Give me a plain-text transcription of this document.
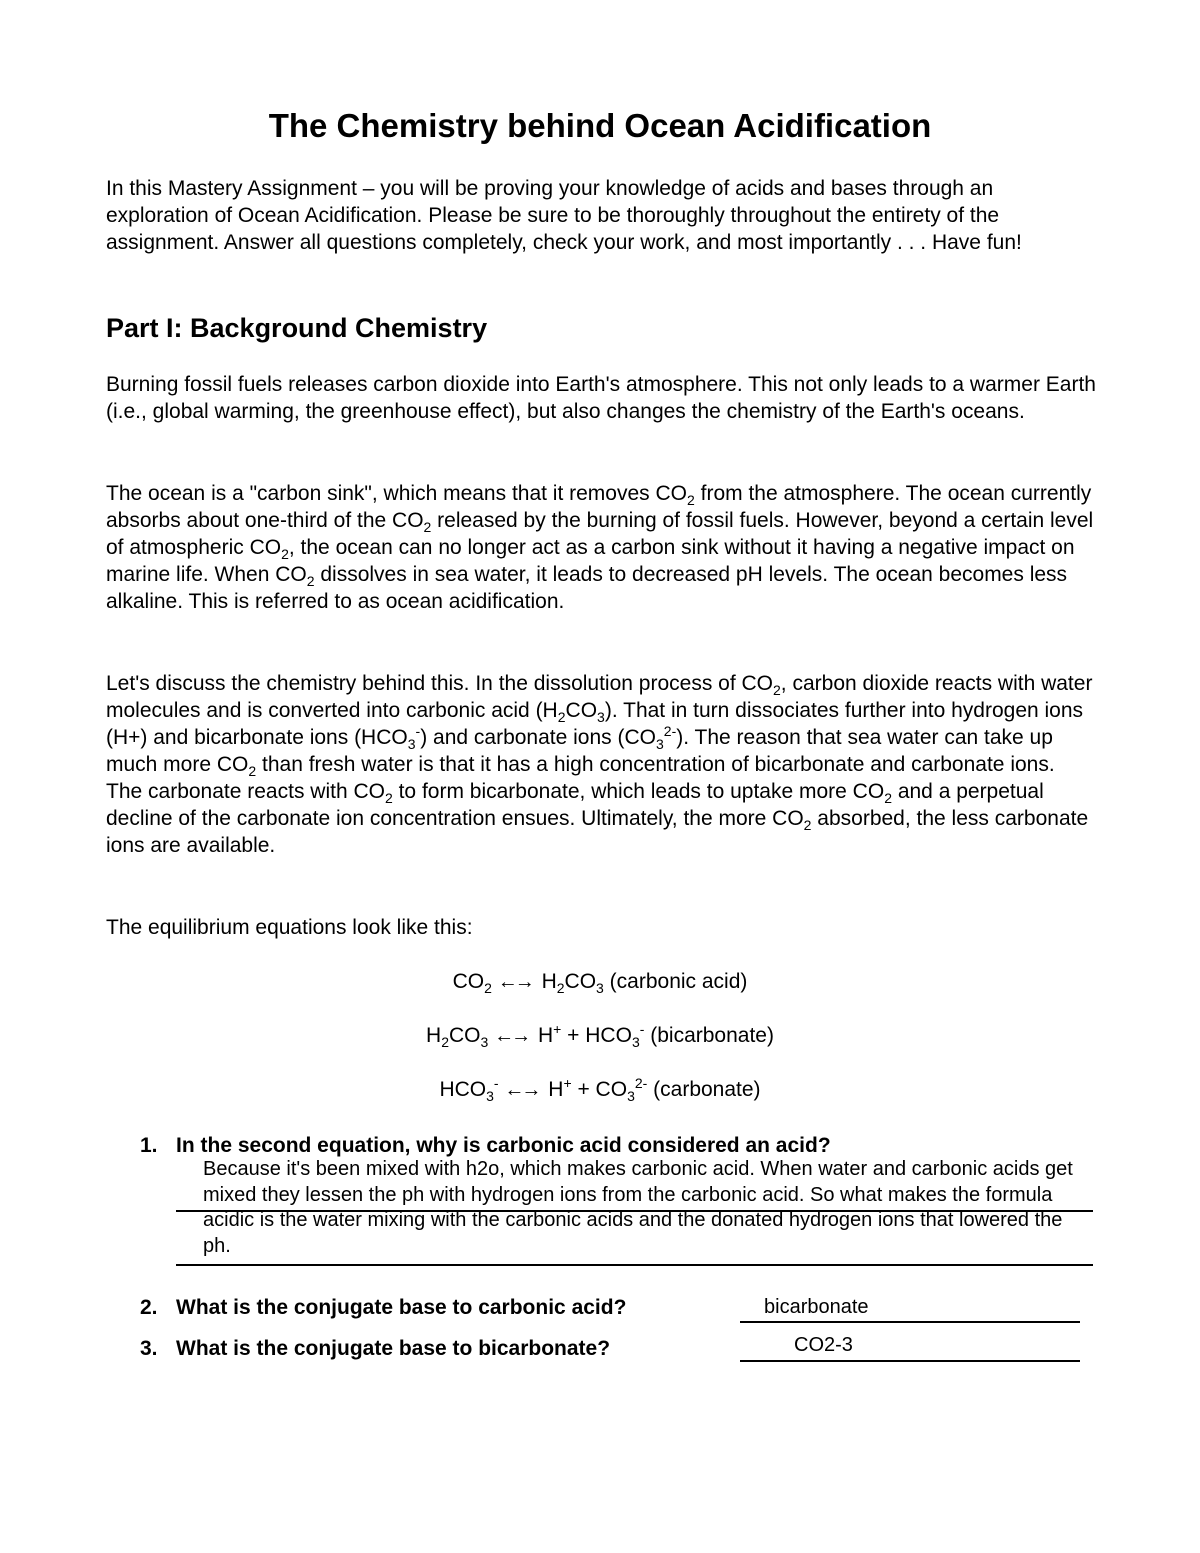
The Chemistry behind Ocean Acidification

In this Mastery Assignment – you will be proving your knowledge of acids and bases through an exploration of Ocean Acidification. Please be sure to be thoroughly throughout the entirety of the assignment. Answer all questions completely, check your work, and most importantly . . . Have fun!

Part I: Background Chemistry

Burning fossil fuels releases carbon dioxide into Earth's atmosphere. This not only leads to a warmer Earth (i.e., global warming, the greenhouse effect), but also changes the chemistry of the Earth's oceans.

The ocean is a "carbon sink", which means that it removes $CO_2$ from the atmosphere. The ocean currently absorbs about one-third of the $CO_2$ released by the burning of fossil fuels. However, beyond a certain level of atmospheric $CO_2$, the ocean can no longer act as a carbon sink without it having a negative impact on marine life. When $CO_2$ dissolves in sea water, it leads to decreased pH levels. The ocean becomes less alkaline. This is referred to as ocean acidification.

Let's discuss the chemistry behind this. In the dissolution process of $CO_2$, carbon dioxide reacts with water molecules and is converted into carbonic acid $(H_2CO_3)$. That in turn dissociates further into hydrogen ions (H+) and bicarbonate ions $(HCO_3^-)$ and carbonate ions $(CO_3^{2-})$. The reason that sea water can take up much more $CO_2$ than fresh water is that it has a high concentration of bicarbonate and carbonate ions. The carbonate reacts with $CO_2$ to form bicarbonate, which leads to uptake more $CO_2$ and a perpetual decline of the carbonate ion concentration ensues. Ultimately, the more $CO_2$ absorbed, the less carbonate ions are available.

The equilibrium equations look like this:

$CO_2$ ←→ $H_2CO_3$ (carbonic acid)

$H_2CO_3$ ←→ $H^+ + HCO_3^-$ (bicarbonate)

$HCO_3^-$ ←→ $H^+ + CO_3^{2-}$ (carbonate)

1. In the second equation, why is carbonic acid considered an acid?

Because it's been mixed with h2o, which makes carbonic acid. When water and carbonic acids get mixed they lessen the ph with hydrogen ions from the carbonic acid. So what makes the formula acidic is the water mixing with the carbonic acids and the donated hydrogen ions that lowered the ph.

2. What is the conjugate base to carbonic acid?	bicarbonate
3. What is the conjugate base to bicarbonate?	CO2-3
